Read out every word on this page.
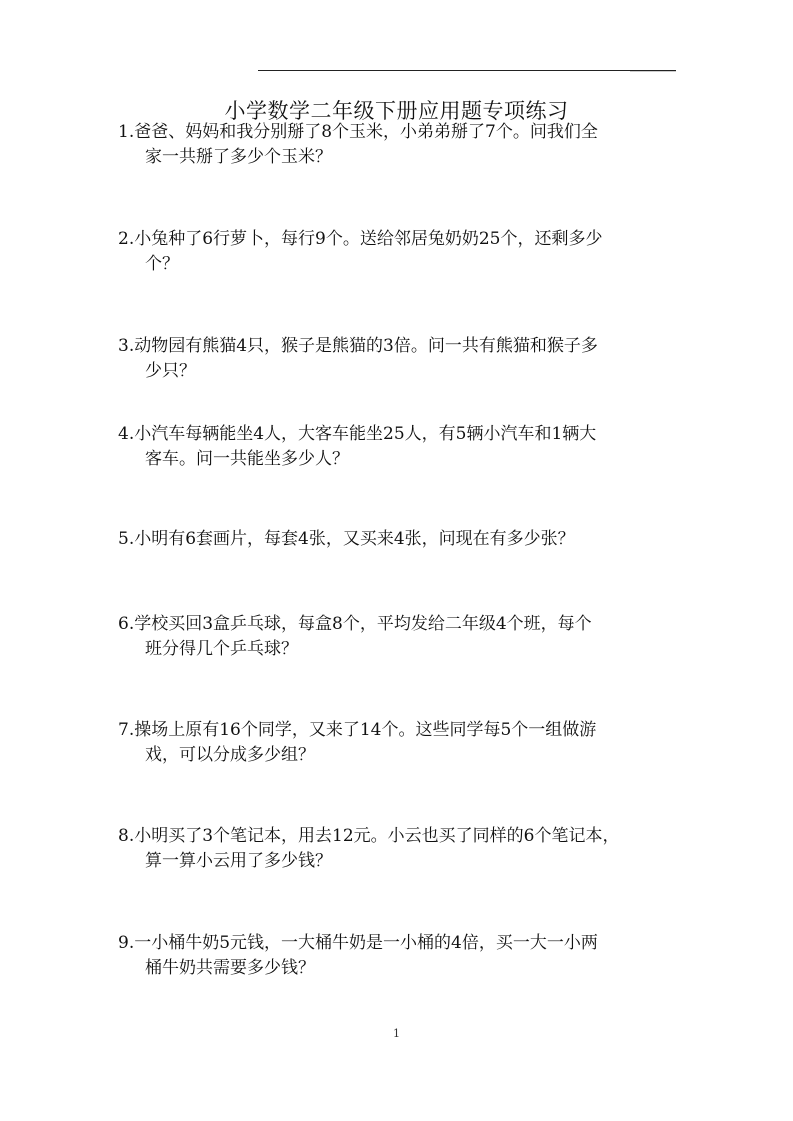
小学数学二年级下册应用题专项练习
1.爸爸、妈妈和我分别掰了8个玉米，小弟弟掰了7个。问我们全
家一共掰了多少个玉米？
2.小兔种了6行萝卜，每行9个。送给邻居兔奶奶25个，还剩多少
个？
3.动物园有熊猫4只，猴子是熊猫的3倍。问一共有熊猫和猴子多
少只？
4.小汽车每辆能坐4人，大客车能坐25人，有5辆小汽车和1辆大
客车。问一共能坐多少人？
5.小明有6套画片，每套4张，又买来4张，问现在有多少张？
6.学校买回3盒乒乓球，每盒8个，平均发给二年级4个班，每个
班分得几个乒乓球？
7.操场上原有16个同学，又来了14个。这些同学每5个一组做游
戏，可以分成多少组？
8.小明买了3个笔记本，用去12元。小云也买了同样的6个笔记本，
算一算小云用了多少钱？
9.一小桶牛奶5元钱，一大桶牛奶是一小桶的4倍，买一大一小两
桶牛奶共需要多少钱？
1
